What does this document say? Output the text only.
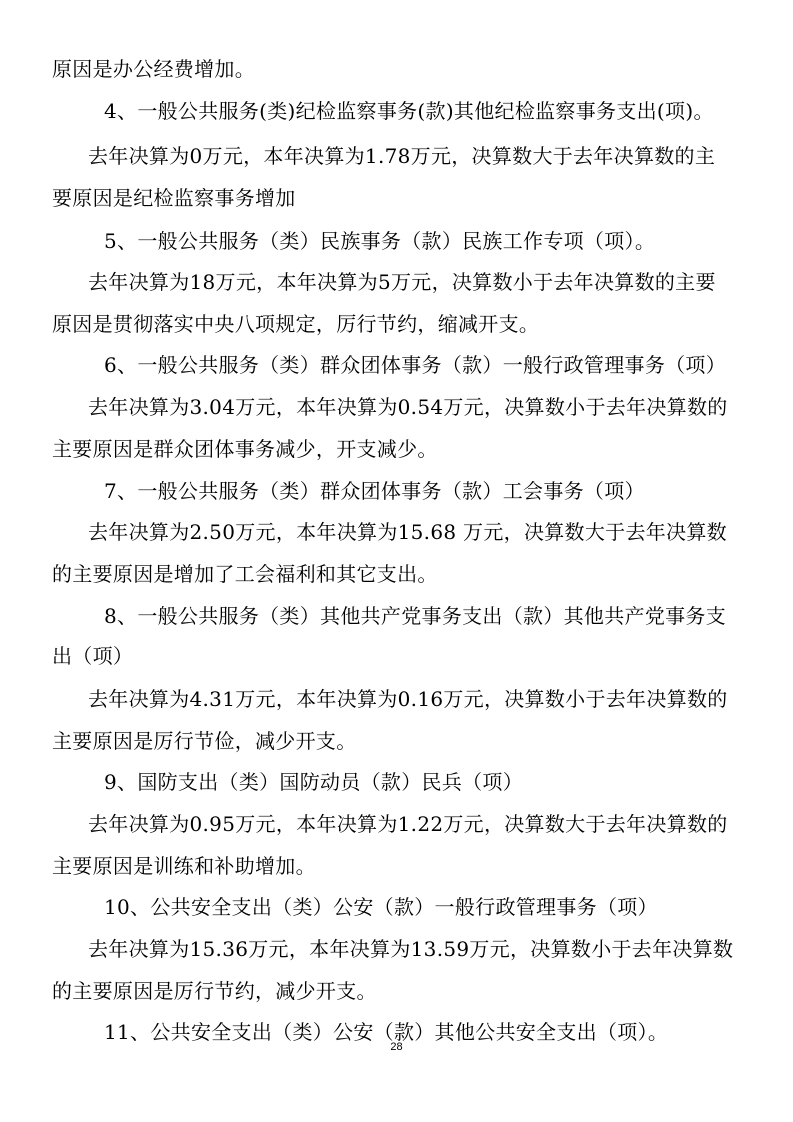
原因是办公经费增加。
4、一般公共服务(类)纪检监察事务(款)其他纪检监察事务支出(项)。
去年决算为0万元，本年决算为1.78万元，决算数大于去年决算数的主
要原因是纪检监察事务增加
5、一般公共服务（类）民族事务（款）民族工作专项（项）。
去年决算为18万元，本年决算为5万元，决算数小于去年决算数的主要
原因是贯彻落实中央八项规定，厉行节约，缩减开支。
6、一般公共服务（类）群众团体事务（款）一般行政管理事务（项）
去年决算为3.04万元，本年决算为0.54万元，决算数小于去年决算数的
主要原因是群众团体事务减少，开支减少。
7、一般公共服务（类）群众团体事务（款）工会事务（项）
去年决算为2.50万元，本年决算为15.68 万元，决算数大于去年决算数
的主要原因是增加了工会福利和其它支出。
8、一般公共服务（类）其他共产党事务支出（款）其他共产党事务支
出（项）
去年决算为4.31万元，本年决算为0.16万元，决算数小于去年决算数的
主要原因是厉行节俭，减少开支。
9、国防支出（类）国防动员（款）民兵（项）
去年决算为0.95万元，本年决算为1.22万元，决算数大于去年决算数的
主要原因是训练和补助增加。
10、公共安全支出（类）公安（款）一般行政管理事务（项）
去年决算为15.36万元，本年决算为13.59万元，决算数小于去年决算数
的主要原因是厉行节约，减少开支。
11、公共安全支出（类）公安（款）其他公共安全支出（项）。
28
